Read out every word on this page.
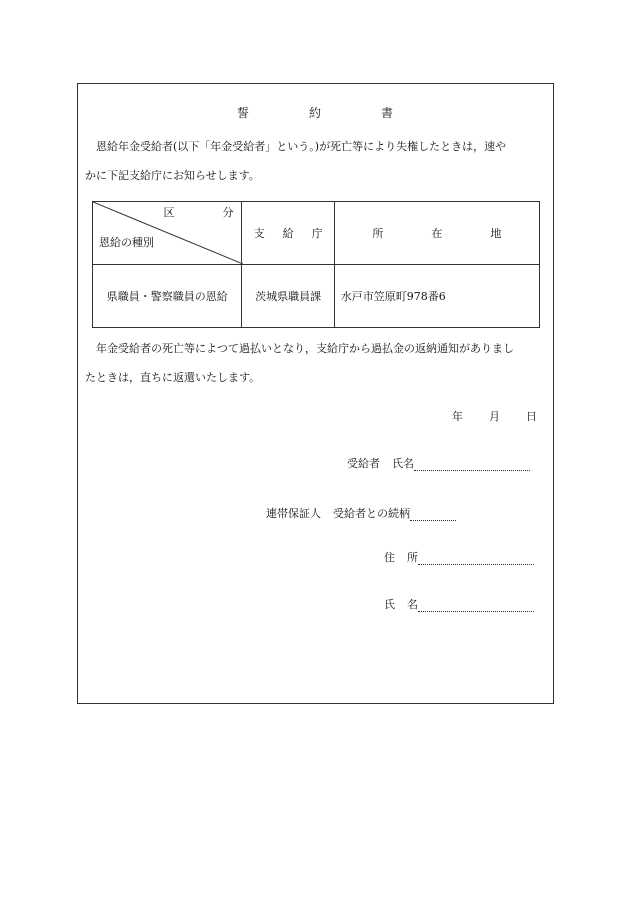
誓	約	書
恩給年金受給者(以下「年金受給者」という。)が死亡等により失権したときは，速や
かに下記支給庁にお知らせします。
区 分
恩給の種別	支 給 庁	所 在 地
県職員・警察職員の恩給	茨城県職員課	水戸市笠原町978番6
年金受給者の死亡等によつて過払いとなり，支給庁から過払金の返納通知がありまし
たときは，直ちに返還いたします。
年 月 日
受給者 氏名
連帯保証人 受給者との続柄
住 所
氏 名
